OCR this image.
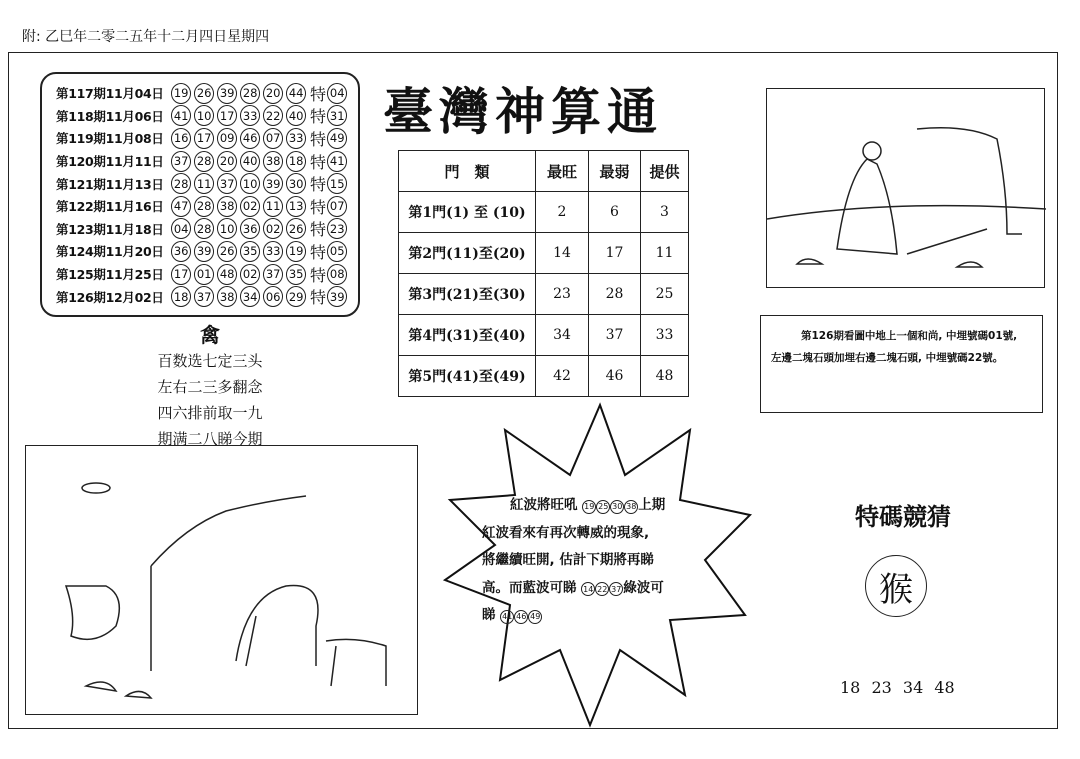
附: 乙巳年二零二五年十二月四日星期四
第117期11月04日 19 26 39 28 20 44 特 04
第118期11月06日 41 10 17 33 22 40 特 31
第119期11月08日 16 17 09 46 07 33 特 49
第120期11月11日 37 28 20 40 38 18 特 41
第121期11月13日 28 11 37 10 39 30 特 15
第122期11月16日 47 28 38 02 11 13 特 07
第123期11月18日 04 28 10 36 02 26 特 23
第124期11月20日 36 39 26 35 33 19 特 05
第125期11月25日 17 01 48 02 37 35 特 08
第126期12月02日 18 37 38 34 06 29 特 39
臺灣神算通
門　類	最旺	最弱	提供
第1門(1) 至 (10)	2	6	3
第2門(11)至(20)	14	17	11
第3門(21)至(30)	23	28	25
第4門(31)至(40)	34	37	33
第5門(41)至(49)	42	46	48
禽
百数选七定三头
左右二三多翻念
四六排前取一九
期满二八睇今期
第126期看圖中地上一個和尚, 中埋號碼01號,
左邊二塊石頭加埋右邊二塊石頭, 中埋號碼22號。
紅波將旺吼 19 25 30 38 上期
紅波看來有再次轉威的現象,
將繼續旺開, 估計下期將再睇
高。而藍波可睇 14 22 37 綠波可
睇 41 46 49
特碼競猜
猴
18 23 34 48
